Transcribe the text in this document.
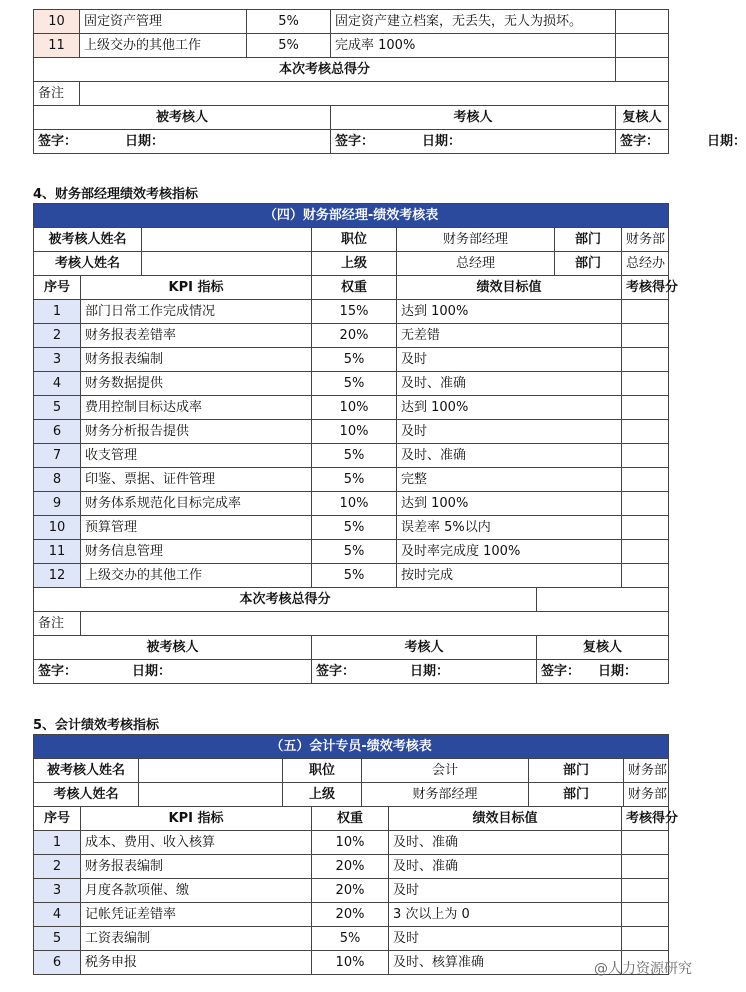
10	固定资产管理	5%	固定资产建立档案，无丢失，无人为损坏。	
11	上级交办的其他工作	5%	完成率 100%	
本次考核总得分			
备注			
被考核人		考核人	复核人
签字： 日期：		签字： 日期：	签字： 日期：

4、财务部经理绩效考核指标

（四）财务部经理-绩效考核表					
被考核人姓名		职位	财务部经理	部门	财务部
考核人姓名		上级	总经理	部门	总经办
序号	KPI 指标	权重	绩效目标值	考核得分
1	部门日常工作完成情况	15%	达到 100%	
2	财务报表差错率	20%	无差错	
3	财务报表编制	5%	及时	
4	财务数据提供	5%	及时、准确	
5	费用控制目标达成率	10%	达到 100%	
6	财务分析报告提供	10%	及时	
7	收支管理	5%	及时、准确	
8	印鉴、票据、证件管理	5%	完整	
9	财务体系规范化目标完成率	10%	达到 100%	
10	预算管理	5%	误差率 5%以内	
11	财务信息管理	5%	及时率完成度 100%	
12	上级交办的其他工作	5%	按时完成	
本次考核总得分			
备注			
被考核人		考核人	复核人
签字： 日期：		签字： 日期：	签字： 日期：

5、会计绩效考核指标

（五）会计专员-绩效考核表					
被考核人姓名		职位	会计	部门	财务部
考核人姓名		上级	财务部经理	部门	财务部
序号	KPI 指标	权重	绩效目标值	考核得分
1	成本、费用、收入核算	10%	及时、准确	
2	财务报表编制	20%	及时、准确	
3	月度各款项催、缴	20%	及时	
4	记帐凭证差错率	20%	3 次以上为 0	
5	工资表编制	5%	及时	
6	税务申报	10%	及时、核算准确		@人力资源研究
